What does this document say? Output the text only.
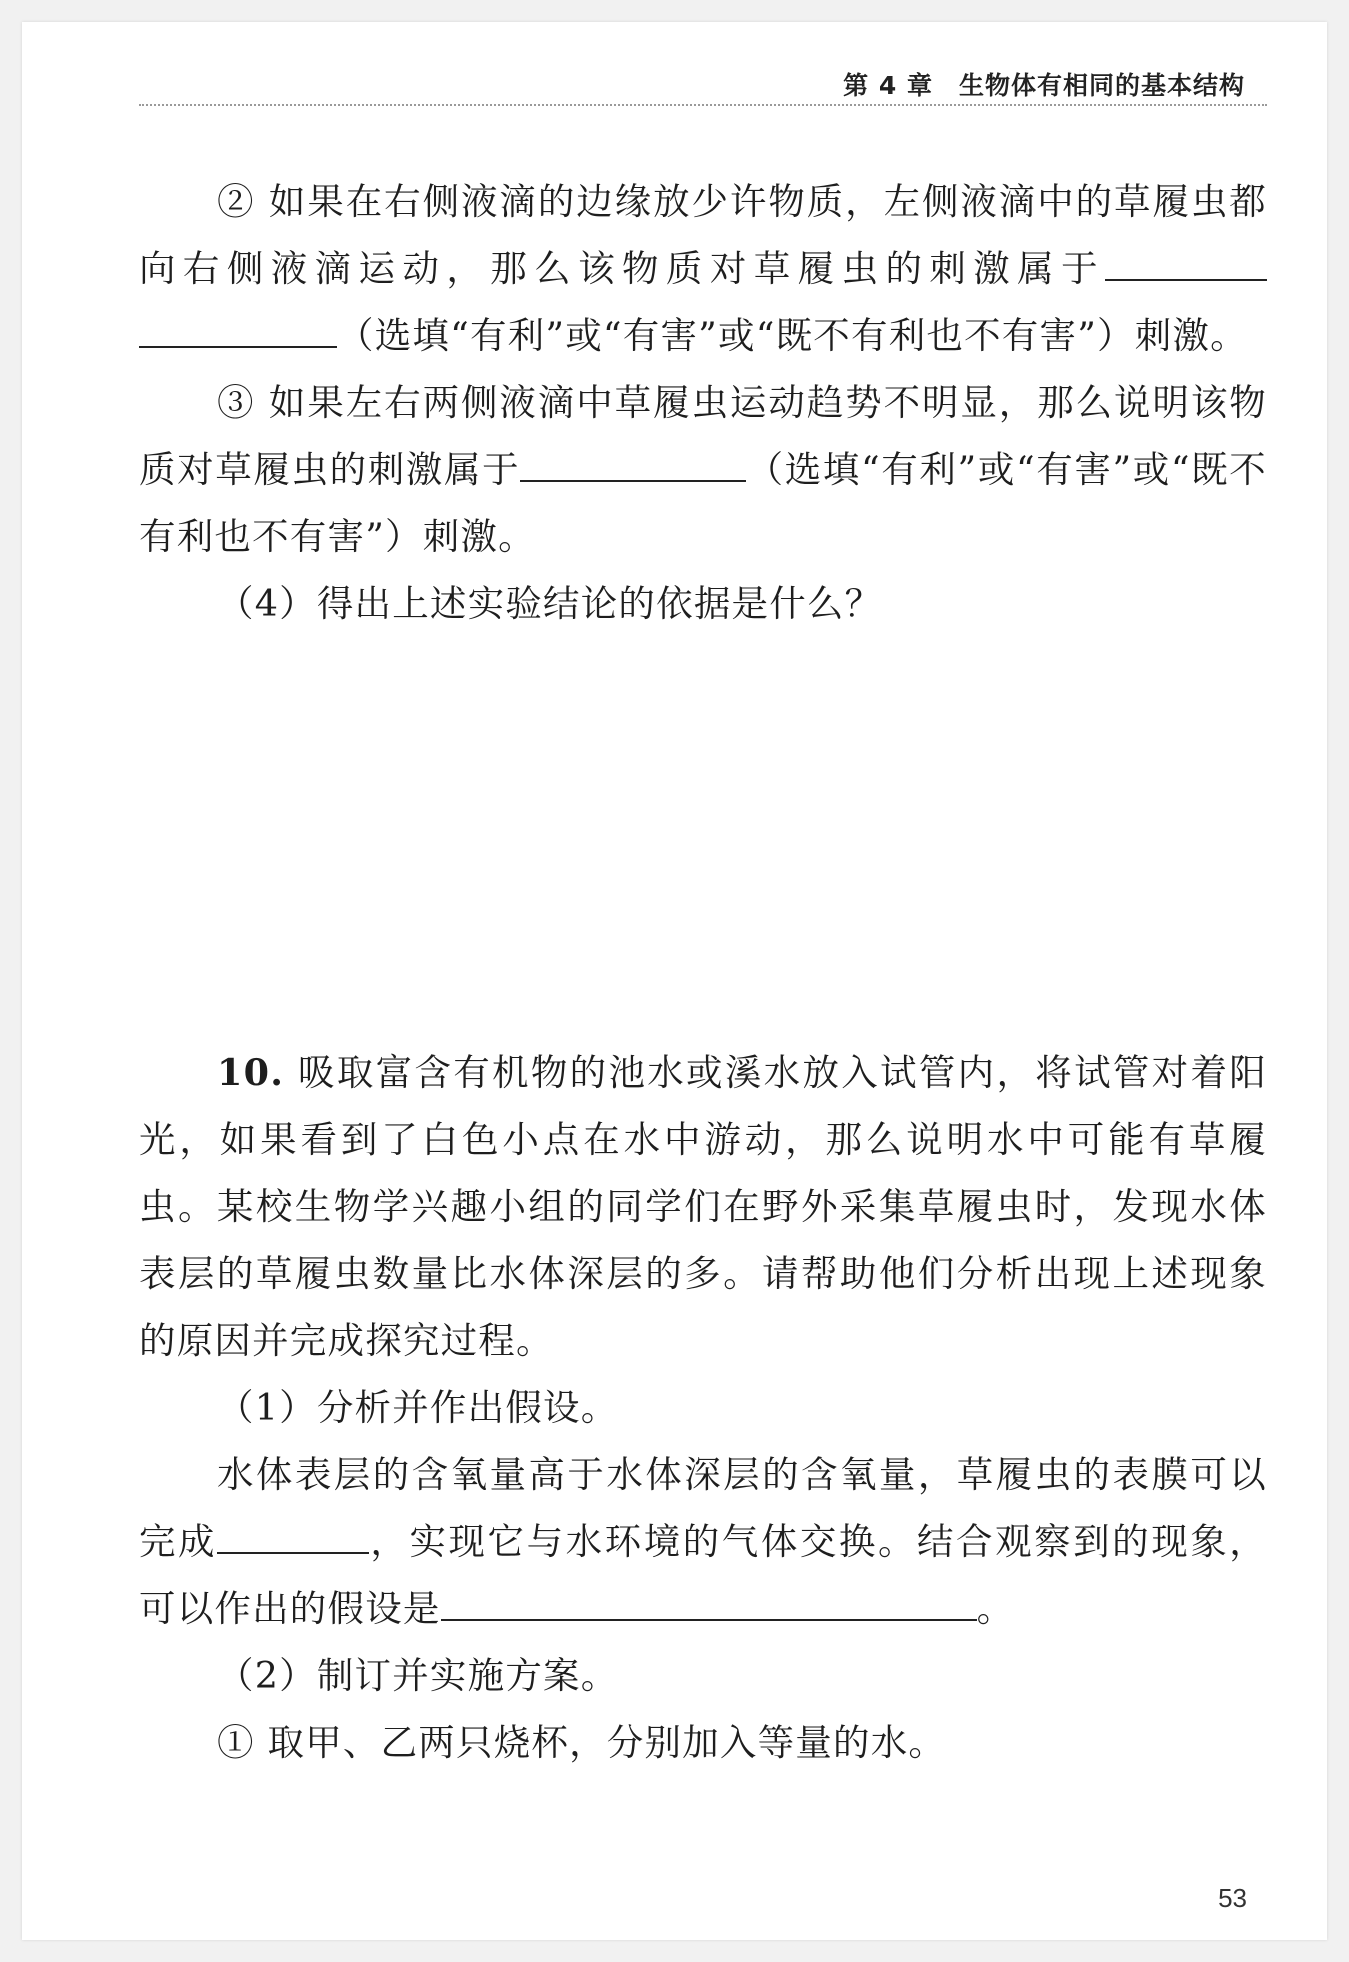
第 4 章 生物体有相同的基本结构

② 如果在右侧液滴的边缘放少许物质，左侧液滴中的草履虫都向右侧液滴运动，那么该物质对草履虫的刺激属于（选填“有利”或“有害”或“既不有利也不有害”）刺激。

③ 如果左右两侧液滴中草履虫运动趋势不明显，那么说明该物质对草履虫的刺激属于	（选填“有利”或“有害”或“既不有利也不有害”）刺激。

（4）得出上述实验结论的依据是什么？

10. 吸取富含有机物的池水或溪水放入试管内，将试管对着阳光，如果看到了白色小点在水中游动，那么说明水中可能有草履虫。某校生物学兴趣小组的同学们在野外采集草履虫时，发现水体表层的草履虫数量比水体深层的多。请帮助他们分析出现上述现象的原因并完成探究过程。

（1）分析并作出假设。

水体表层的含氧量高于水体深层的含氧量，草履虫的表膜可以完成	，实现它与水环境的气体交换。结合观察到的现象，可以作出的假设是	。

（2）制订并实施方案。

① 取甲、乙两只烧杯，分别加入等量的水。

53
